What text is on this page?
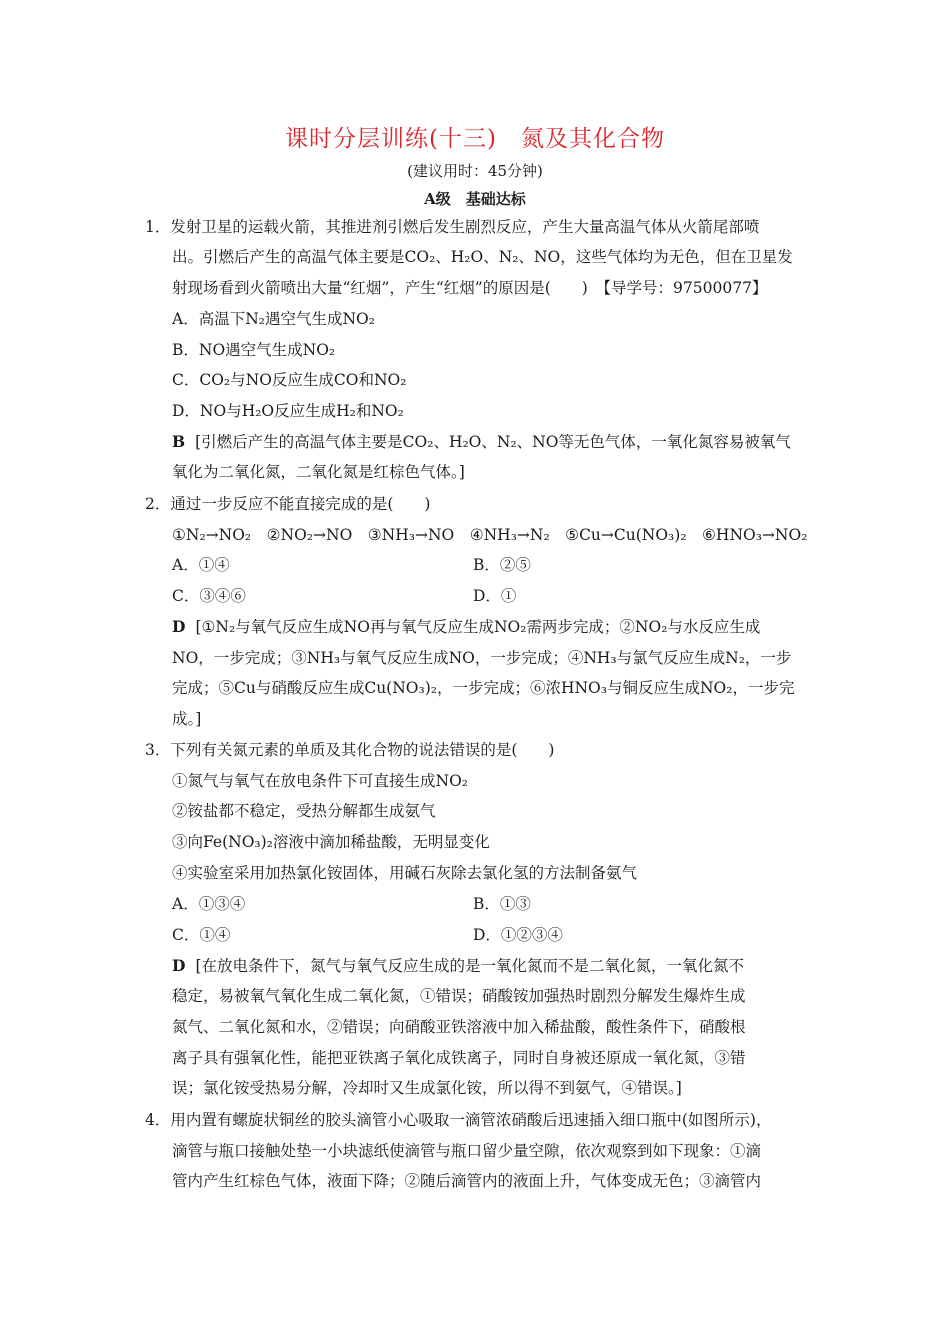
课时分层训练(十三)　氮及其化合物
(建议用时：45分钟)
A级　基础达标
1．发射卫星的运载火箭，其推进剂引燃后发生剧烈反应，产生大量高温气体从火箭尾部喷
出。引燃后产生的高温气体主要是CO₂、H₂O、N₂、NO，这些气体均为无色，但在卫星发
射现场看到火箭喷出大量“红烟”，产生“红烟”的原因是(　　)　【导学号：97500077】
A．高温下N₂遇空气生成NO₂
B．NO遇空气生成NO₂
C．CO₂与NO反应生成CO和NO₂
D．NO与H₂O反应生成H₂和NO₂
B [引燃后产生的高温气体主要是CO₂、H₂O、N₂、NO等无色气体，一氧化氮容易被氧气
氧化为二氧化氮，二氧化氮是红棕色气体。]
2．通过一步反应不能直接完成的是(　　)
①N₂→NO₂　②NO₂→NO　③NH₃→NO　④NH₃→N₂　⑤Cu→Cu(NO₃)₂　⑥HNO₃→NO₂
A．①④	B．②⑤
C．③④⑥	D．①
D [①N₂与氧气反应生成NO再与氧气反应生成NO₂需两步完成；②NO₂与水反应生成
NO，一步完成；③NH₃与氧气反应生成NO，一步完成；④NH₃与氯气反应生成N₂，一步
完成；⑤Cu与硝酸反应生成Cu(NO₃)₂，一步完成；⑥浓HNO₃与铜反应生成NO₂，一步完
成。]
3．下列有关氮元素的单质及其化合物的说法错误的是(　　)
①氮气与氧气在放电条件下可直接生成NO₂
②铵盐都不稳定，受热分解都生成氨气
③向Fe(NO₃)₂溶液中滴加稀盐酸，无明显变化
④实验室采用加热氯化铵固体，用碱石灰除去氯化氢的方法制备氨气
A．①③④	B．①③
C．①④	D．①②③④
D [在放电条件下，氮气与氧气反应生成的是一氧化氮而不是二氧化氮，一氧化氮不
稳定，易被氧气氧化生成二氧化氮，①错误；硝酸铵加强热时剧烈分解发生爆炸生成
氮气、二氧化氮和水，②错误；向硝酸亚铁溶液中加入稀盐酸，酸性条件下，硝酸根
离子具有强氧化性，能把亚铁离子氧化成铁离子，同时自身被还原成一氧化氮，③错
误；氯化铵受热易分解，冷却时又生成氯化铵，所以得不到氨气，④错误。]
4．用内置有螺旋状铜丝的胶头滴管小心吸取一滴管浓硝酸后迅速插入细口瓶中(如图所示)，
滴管与瓶口接触处垫一小块滤纸使滴管与瓶口留少量空隙，依次观察到如下现象：①滴
管内产生红棕色气体，液面下降；②随后滴管内的液面上升，气体变成无色；③滴管内
